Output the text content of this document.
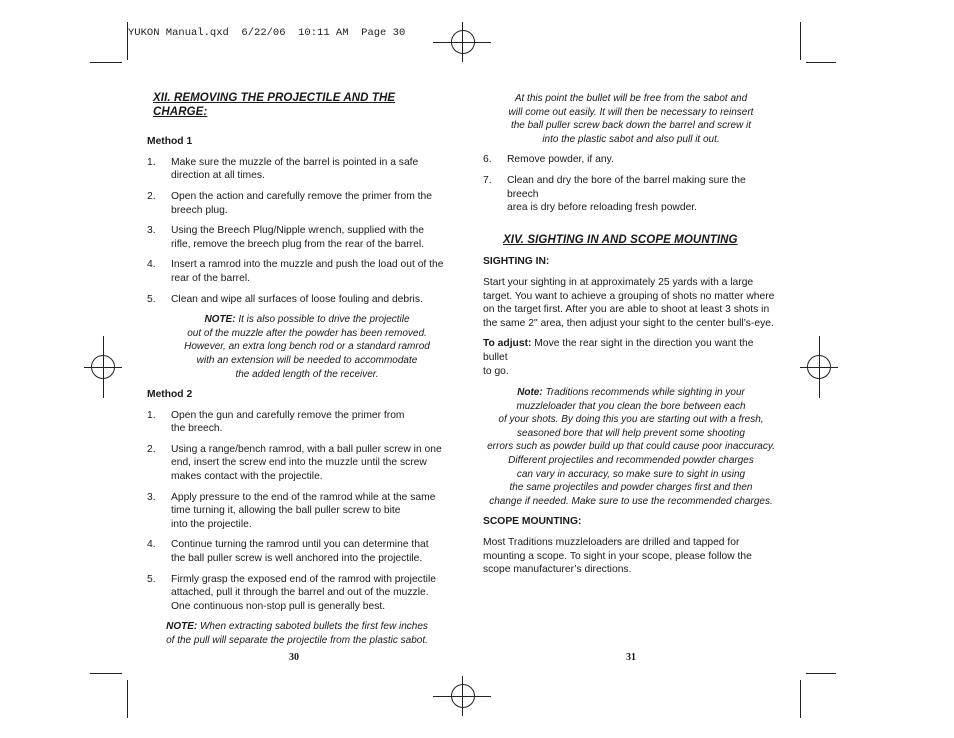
YUKON Manual.qxd  6/22/06  10:11 AM  Page 30
XII. REMOVING THE PROJECTILE AND THE CHARGE:
Method 1
1. Make sure the muzzle of the barrel is pointed in a safe
direction at all times.
2. Open the action and carefully remove the primer from the
breech plug.
3. Using the Breech Plug/Nipple wrench, supplied with the
rifle, remove the breech plug from the rear of the barrel.
4. Insert a ramrod into the muzzle and push the load out of the
rear of the barrel.
5. Clean and wipe all surfaces of loose fouling and debris.
NOTE: It is also possible to drive the projectile
out of the muzzle after the powder has been removed.
However, an extra long bench rod or a standard ramrod
with an extension will be needed to accommodate
the added length of the receiver.
Method 2
1. Open the gun and carefully remove the primer from
the breech.
2. Using a range/bench ramrod, with a ball puller screw in one
end, insert the screw end into the muzzle until the screw
makes contact with the projectile.
3. Apply pressure to the end of the ramrod while at the same
time turning it, allowing the ball puller screw to bite
into the projectile.
4. Continue turning the ramrod until you can determine that
the ball puller screw is well anchored into the projectile.
5. Firmly grasp the exposed end of the ramrod with projectile
attached, pull it through the barrel and out of the muzzle.
One continuous non-stop pull is generally best.
NOTE: When extracting saboted bullets the first few inches
of the pull will separate the projectile from the plastic sabot.
30
At this point the bullet will be free from the sabot and
will come out easily. It will then be necessary to reinsert
the ball puller screw back down the barrel and screw it
into the plastic sabot and also pull it out.
6. Remove powder, if any.
7. Clean and dry the bore of the barrel making sure the breech
area is dry before reloading fresh powder.
XIV. SIGHTING IN AND SCOPE MOUNTING
SIGHTING IN:

Start your sighting in at approximately 25 yards with a large
target. You want to achieve a grouping of shots no matter where
on the target first. After you are able to shoot at least 3 shots in
the same 2" area, then adjust your sight to the center bull’s-eye.

To adjust: Move the rear sight in the direction you want the bullet
to go.

Note: Traditions recommends while sighting in your
muzzleloader that you clean the bore between each
of your shots. By doing this you are starting out with a fresh,
seasoned bore that will help prevent some shooting
errors such as powder build up that could cause poor inaccuracy.
Different projectiles and recommended powder charges
can vary in accuracy, so make sure to sight in using
the same projectiles and powder charges first and then
change if needed. Make sure to use the recommended charges.
SCOPE MOUNTING:

Most Traditions muzzleloaders are drilled and tapped for
mounting a scope. To sight in your scope, please follow the
scope manufacturer’s directions.

31
